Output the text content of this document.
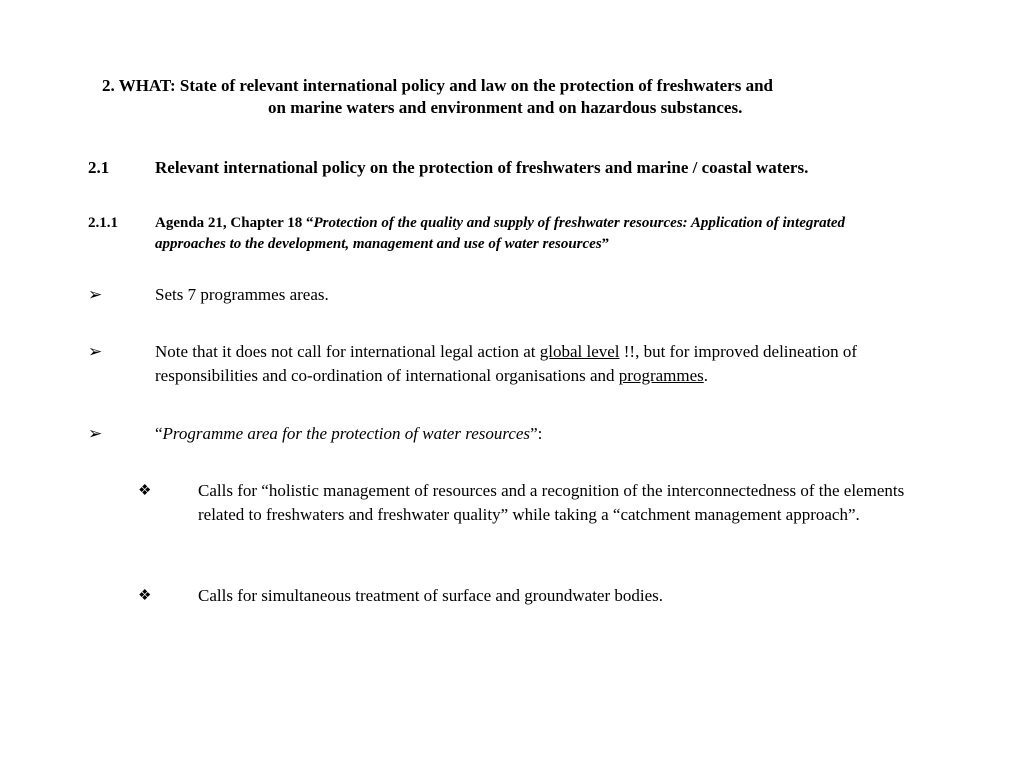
2. WHAT: State of relevant international policy and law on the protection of freshwaters and
on marine waters and environment and on hazardous substances.
2.1	Relevant international policy on the protection of freshwaters and marine / coastal waters.
2.1.1 Agenda 21, Chapter 18 “Protection of the quality and supply of freshwater resources: Application of integrated approaches to the development, management and use of water resources”
➢	Sets 7 programmes areas.
➢	Note that it does not call for international legal action at global level !!, but for improved delineation of responsibilities and co-ordination of international organisations and programmes.
➢	“Programme area for the protection of water resources”:
❖	Calls for “holistic management of resources and a recognition of the interconnectedness of the elements related to freshwaters and freshwater quality” while taking a “catchment management approach”.
❖	Calls for simultaneous treatment of surface and groundwater bodies.
